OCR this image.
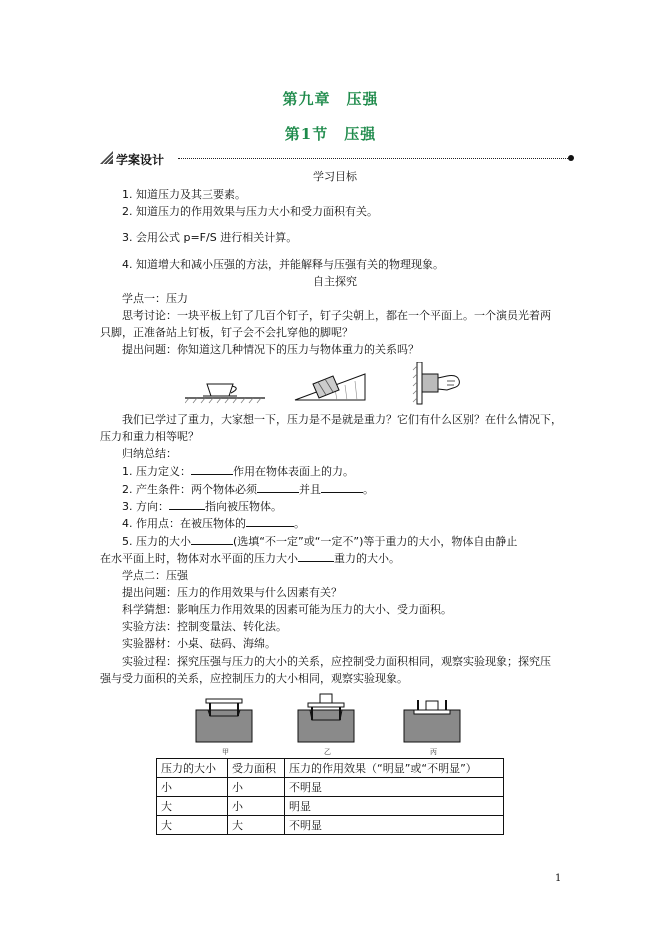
第九章　压强
第1节　压强
学案设计
学习目标
1. 知道压力及其三要素。
2. 知道压力的作用效果与压力大小和受力面积有关。
3. 会用公式 p=F/S 进行相关计算。
4. 知道增大和减小压强的方法，并能解释与压强有关的物理现象。
自主探究
学点一：压力
思考讨论：一块平板上钉了几百个钉子，钉子尖朝上，都在一个平面上。一个演员光着两
只脚，正准备站上钉板，钉子会不会扎穿他的脚呢？
提出问题：你知道这几种情况下的压力与物体重力的关系吗？
我们已学过了重力，大家想一下，压力是不是就是重力？它们有什么区别？在什么情况下，
压力和重力相等呢？
归纳总结：
1. 压力定义：	作用在物体表面上的力。
2. 产生条件：两个物体必须	并且	。
3. 方向：	指向被压物体。
4. 作用点：在被压物体的	。
5. 压力的大小	(选填“不一定”或“一定不”)等于重力的大小，物体自由静止
在水平面上时，物体对水平面的压力大小	重力的大小。
学点二：压强
提出问题：压力的作用效果与什么因素有关？
科学猜想：影响压力作用效果的因素可能为压力的大小、受力面积。
实验方法：控制变量法、转化法。
实验器材：小桌、砝码、海绵。
实验过程：探究压强与压力的大小的关系，应控制受力面积相同，观察实验现象；探究压
强与受力面积的关系，应控制压力的大小相同，观察实验现象。
甲	乙	丙
压力的大小	受力面积	压力的作用效果（“明显”或“不明显”）
小	小	不明显
大	小	明显
大	大	不明显
1
